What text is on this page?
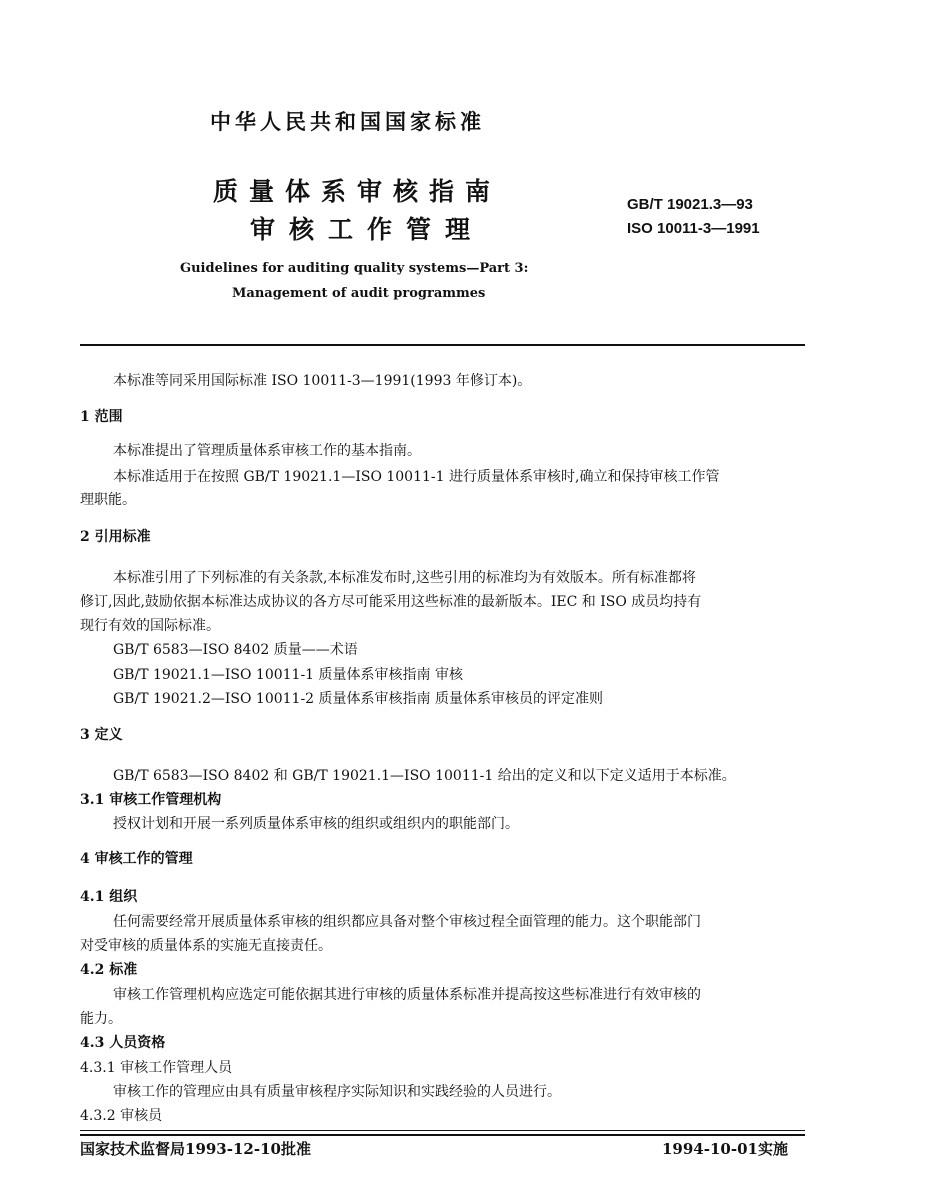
中华人民共和国国家标准
质量体系审核指南
审核工作管理
GB/T 19021.3—93
ISO 10011-3—1991
Guidelines for auditing quality systems—Part 3:
Management of audit programmes
本标准等同采用国际标准 ISO 10011-3—1991(1993 年修订本)。
1 范围
本标准提出了管理质量体系审核工作的基本指南。
本标准适用于在按照 GB/T 19021.1—ISO 10011-1 进行质量体系审核时,确立和保持审核工作管
理职能。
2 引用标准
本标准引用了下列标准的有关条款,本标准发布时,这些引用的标准均为有效版本。所有标准都将
修订,因此,鼓励依据本标准达成协议的各方尽可能采用这些标准的最新版本。IEC 和 ISO 成员均持有
现行有效的国际标准。
GB/T 6583—ISO 8402 质量——术语
GB/T 19021.1—ISO 10011-1 质量体系审核指南 审核
GB/T 19021.2—ISO 10011-2 质量体系审核指南 质量体系审核员的评定准则
3 定义
GB/T 6583—ISO 8402 和 GB/T 19021.1—ISO 10011-1 给出的定义和以下定义适用于本标准。
3.1 审核工作管理机构
授权计划和开展一系列质量体系审核的组织或组织内的职能部门。
4 审核工作的管理
4.1 组织
任何需要经常开展质量体系审核的组织都应具备对整个审核过程全面管理的能力。这个职能部门
对受审核的质量体系的实施无直接责任。
4.2 标准
审核工作管理机构应选定可能依据其进行审核的质量体系标准并提高按这些标准进行有效审核的
能力。
4.3 人员资格
4.3.1 审核工作管理人员
审核工作的管理应由具有质量审核程序实际知识和实践经验的人员进行。
4.3.2 审核员
国家技术监督局1993-12-10批准	1994-10-01实施
